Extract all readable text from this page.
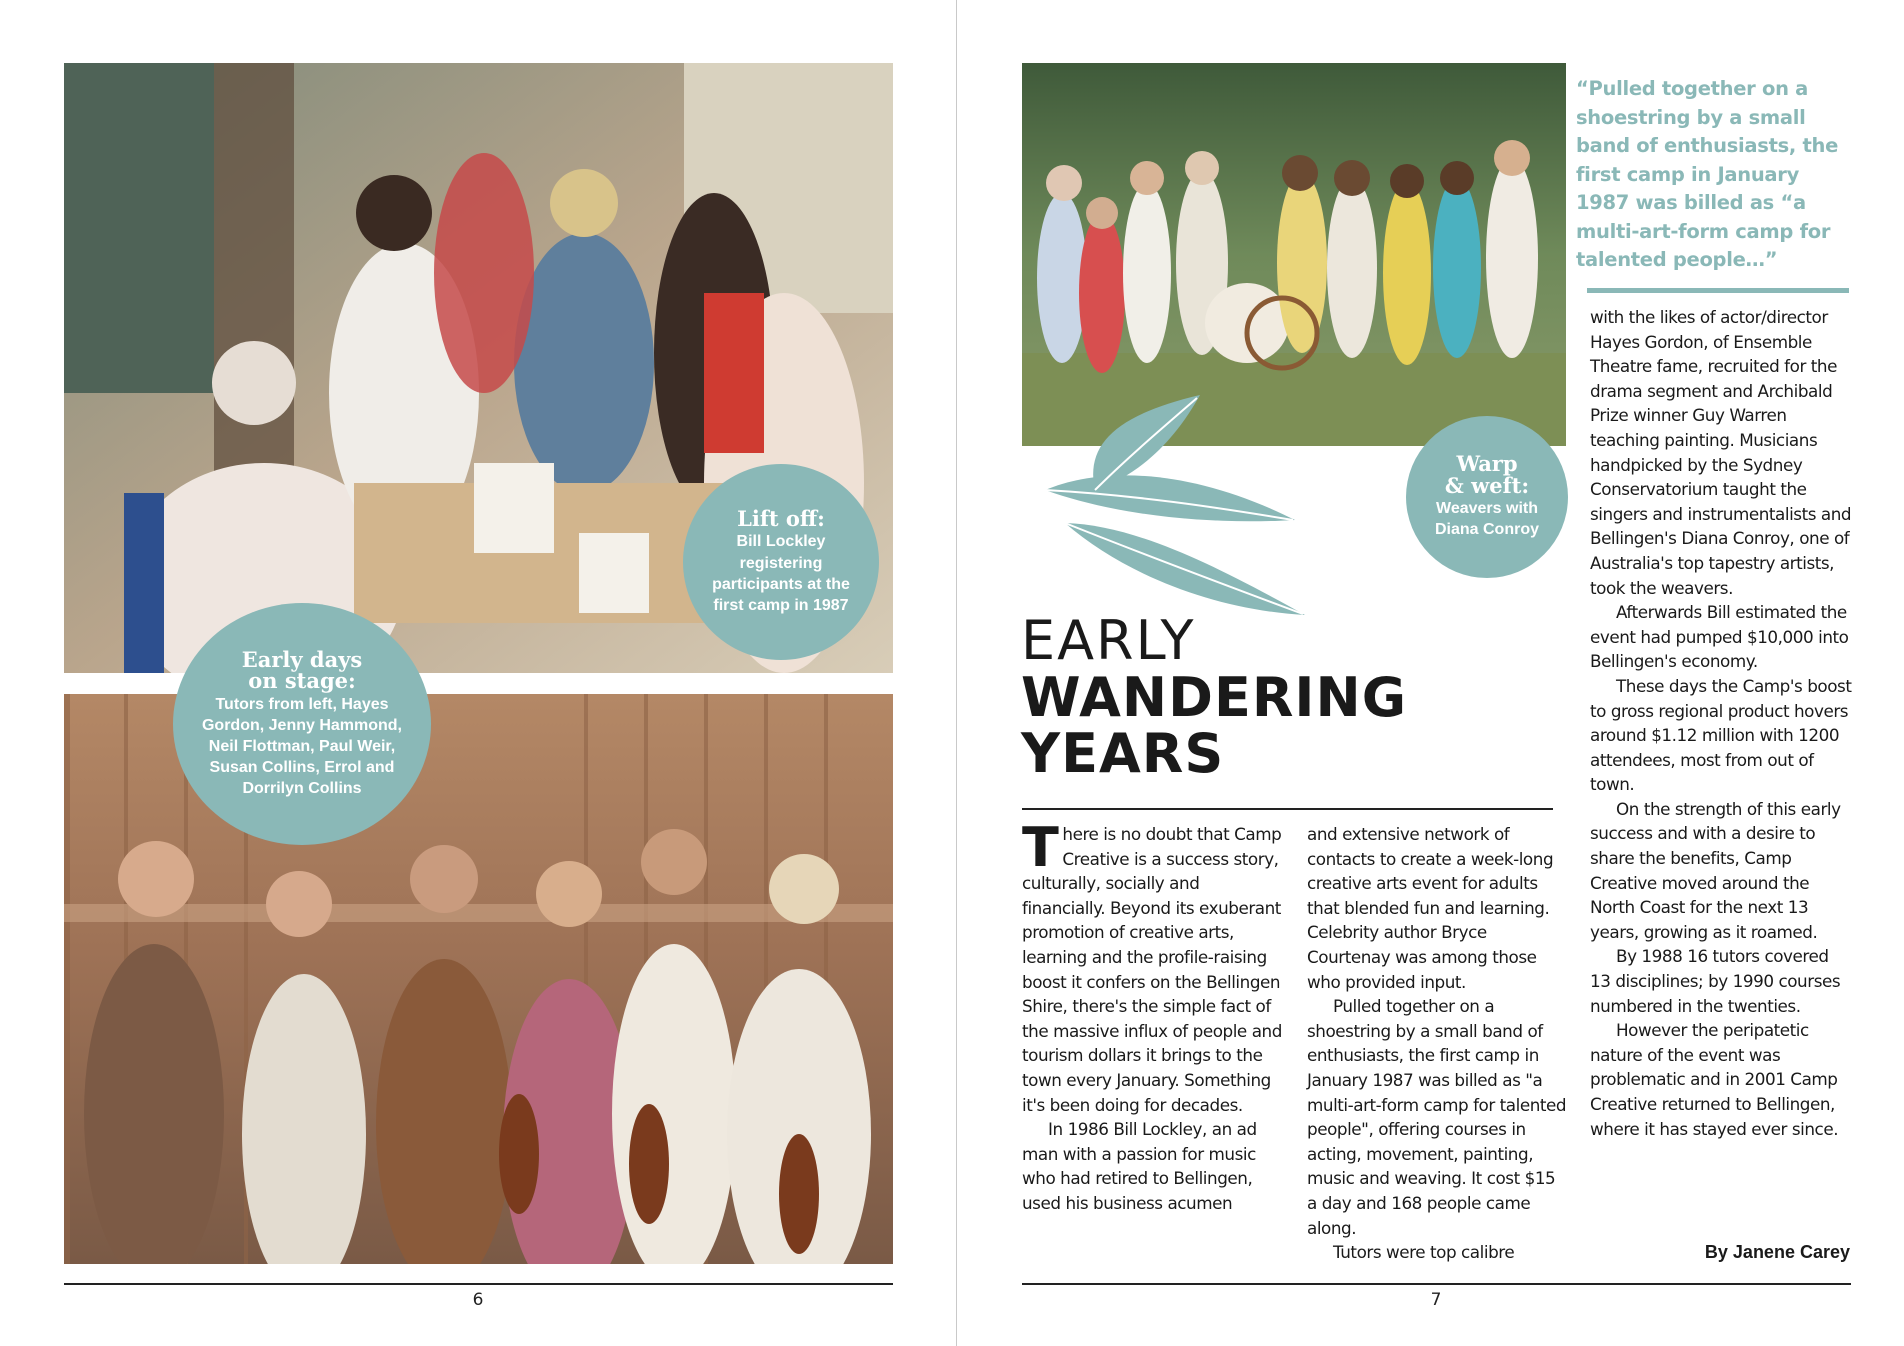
Lift off:
Bill Lockley registering participants at the first camp in 1987
Early days
on stage:
Tutors from left, Hayes Gordon, Jenny Hammond, Neil Flottman, Paul Weir, Susan Collins, Errol and Dorrilyn Collins
6
Warp
& weft:
Weavers with Diana Conroy
“Pulled together on a shoestring by a small band of enthusiasts, the first camp in January 1987 was billed as “a multi-art-form camp for talented people…”
EARLY
WANDERING
YEARS

There is no doubt that Camp Creative is a success story, culturally, socially and financially. Beyond its exuberant promotion of creative arts, learning and the profile-raising boost it confers on the Bellingen Shire, there's the simple fact of the massive influx of people and tourism dollars it brings to the town every January. Something it's been doing for decades.

In 1986 Bill Lockley, an ad man with a passion for music who had retired to Bellingen, used his business acumen

and extensive network of contacts to create a week-long creative arts event for adults that blended fun and learning. Celebrity author Bryce Courtenay was among those who provided input.

Pulled together on a shoestring by a small band of enthusiasts, the first camp in January 1987 was billed as "a multi-art-form camp for talented people", offering courses in acting, movement, painting, music and weaving. It cost $15 a day and 168 people came along.

Tutors were top calibre

with the likes of actor/director Hayes Gordon, of Ensemble Theatre fame, recruited for the drama segment and Archibald Prize winner Guy Warren teaching painting. Musicians handpicked by the Sydney Conservatorium taught the singers and instrumentalists and Bellingen's Diana Conroy, one of Australia's top tapestry artists, took the weavers.

Afterwards Bill estimated the event had pumped $10,000 into Bellingen's economy.

These days the Camp's boost to gross regional product hovers around $1.12 million with 1200 attendees, most from out of town.

On the strength of this early success and with a desire to share the benefits, Camp Creative moved around the North Coast for the next 13 years, growing as it roamed.

By 1988 16 tutors covered 13 disciplines; by 1990 courses numbered in the twenties.

However the peripatetic nature of the event was problematic and in 2001 Camp Creative returned to Bellingen, where it has stayed ever since.

By Janene Carey
7
